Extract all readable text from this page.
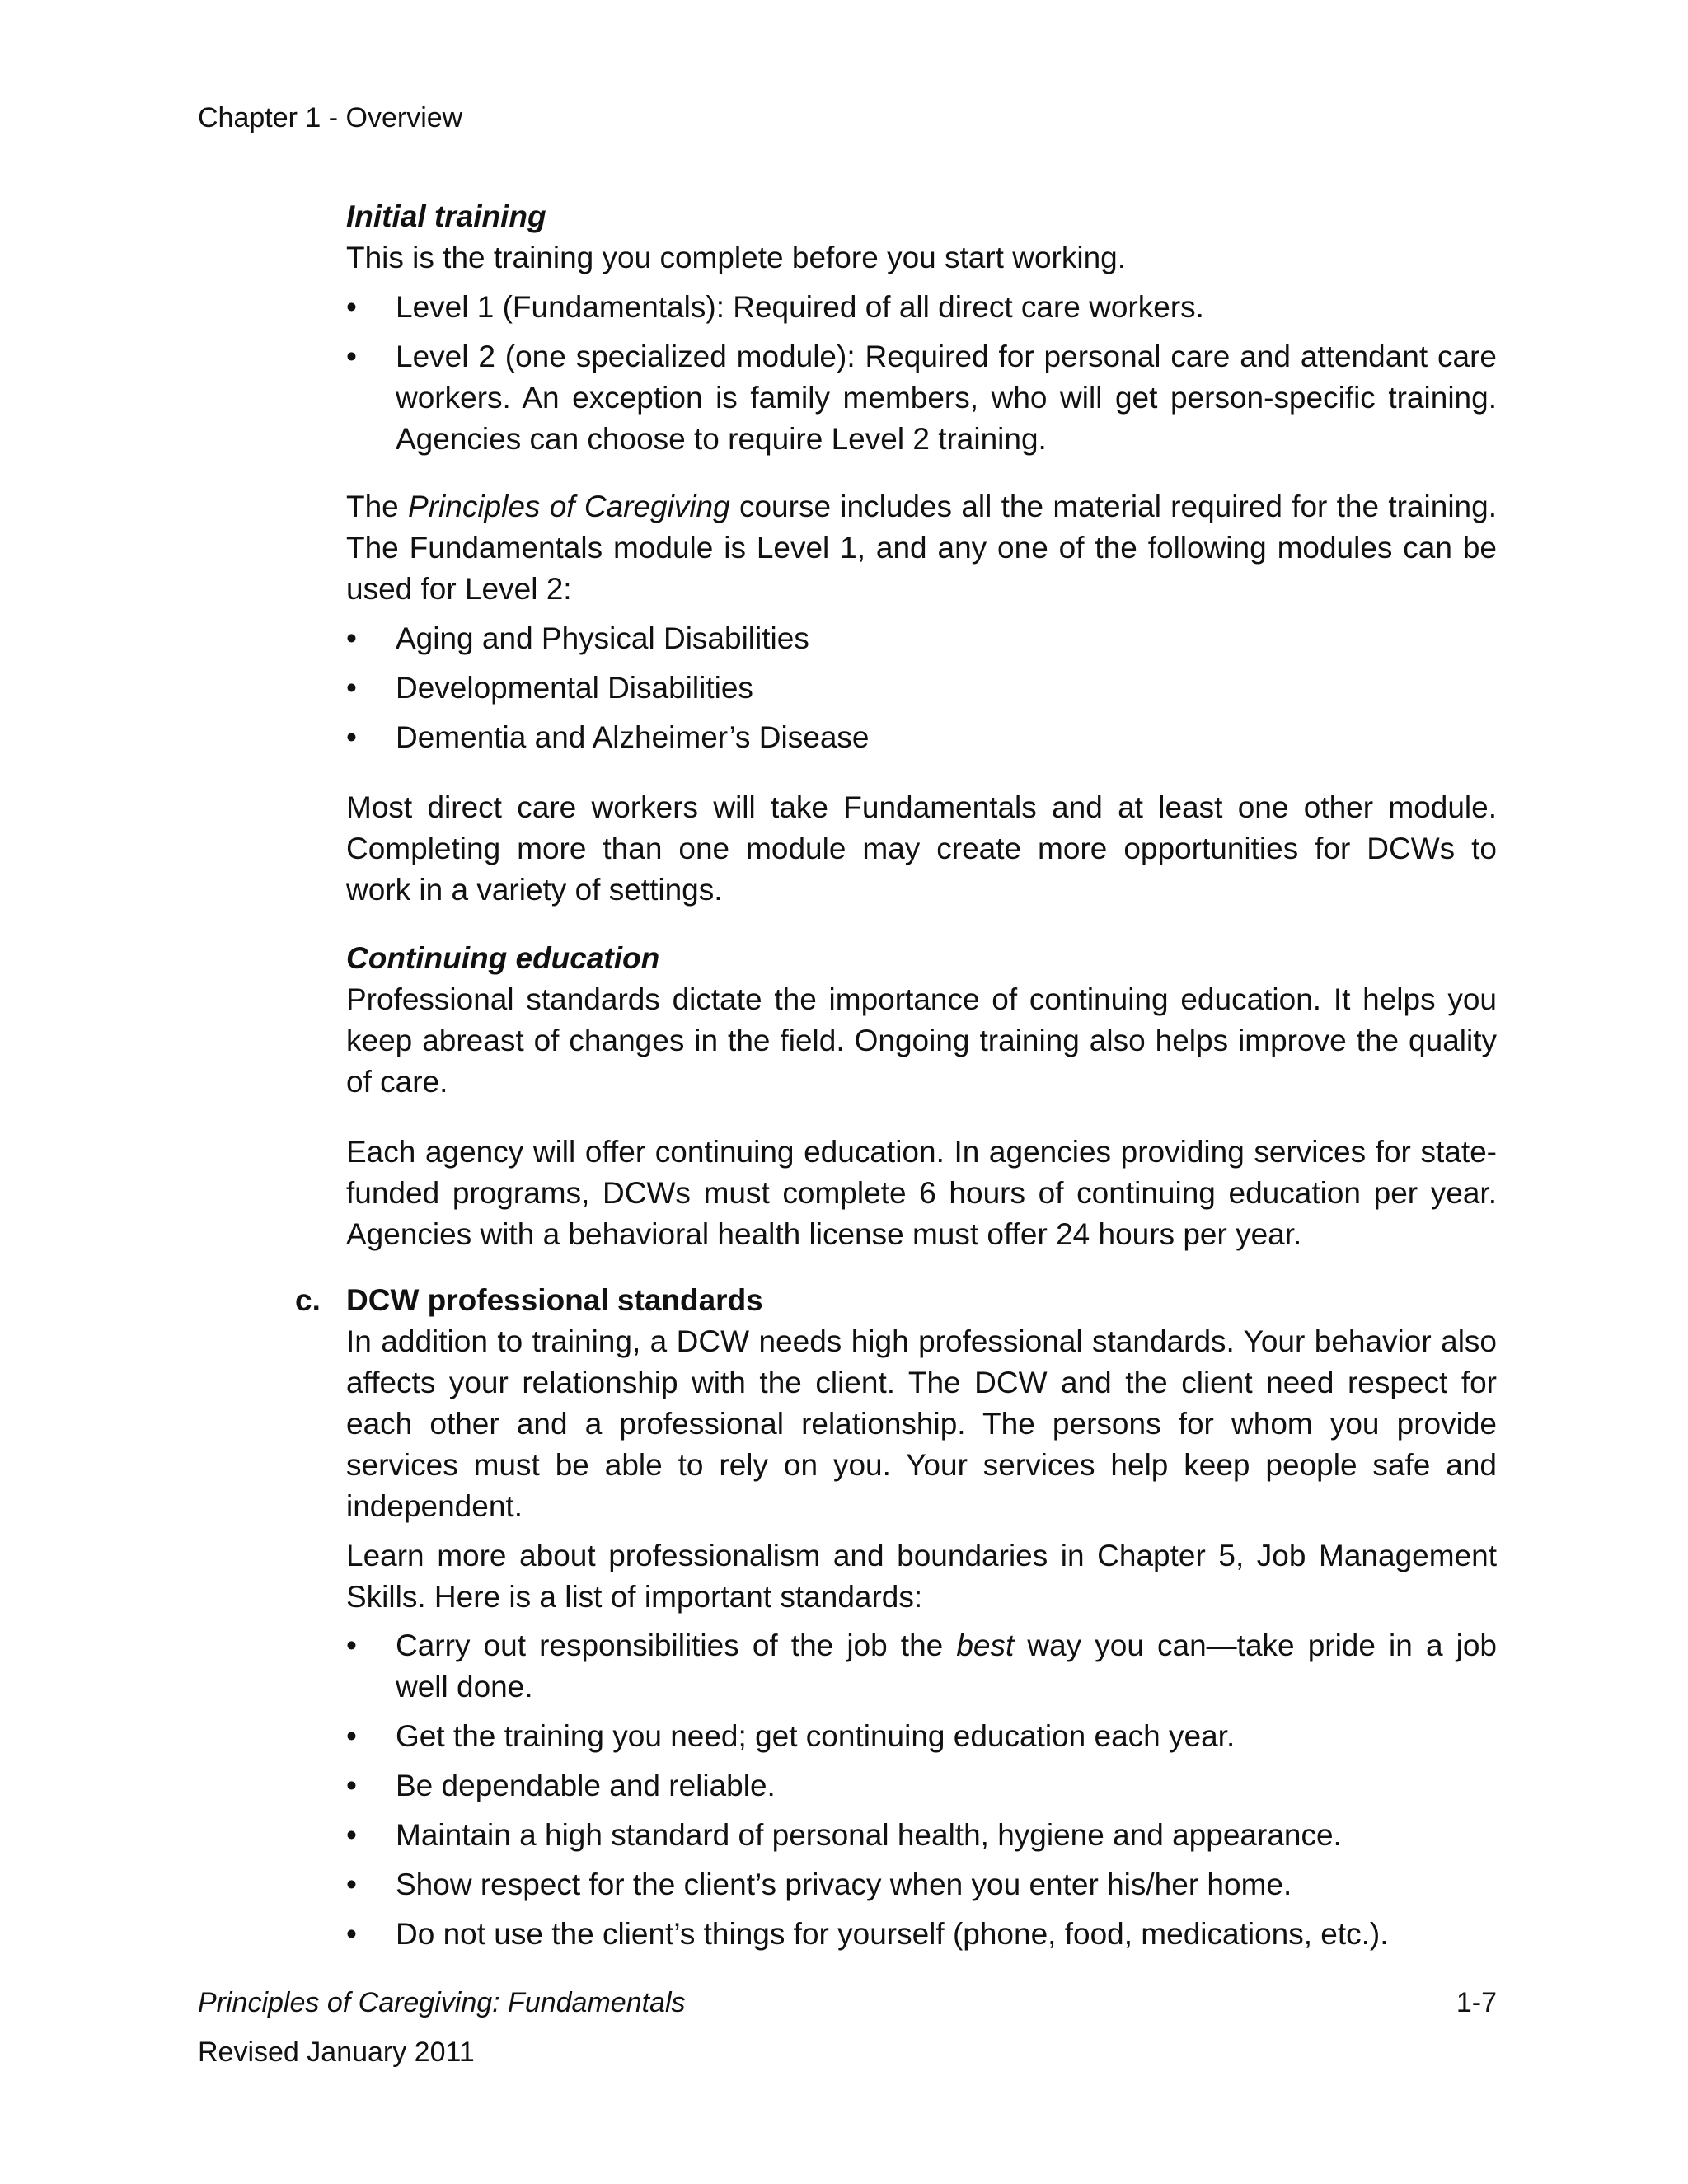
Chapter 1 - Overview
Initial training
This is the training you complete before you start working.
•	Level 1 (Fundamentals): Required of all direct care workers.
•	Level 2 (one specialized module): Required for personal care and attendant care
workers. An exception is family members, who will get person-specific training.
Agencies can choose to require Level 2 training.
The Principles of Caregiving course includes all the material required for the training.
The Fundamentals module is Level 1, and any one of the following modules can be
used for Level 2:
•	Aging and Physical Disabilities
•	Developmental Disabilities
•	Dementia and Alzheimer’s Disease
Most direct care workers will take Fundamentals and at least one other module.
Completing more than one module may create more opportunities for DCWs to
work in a variety of settings.
Continuing education
Professional standards dictate the importance of continuing education. It helps you
keep abreast of changes in the field. Ongoing training also helps improve the quality
of care.
Each agency will offer continuing education. In agencies providing services for state-
funded programs, DCWs must complete 6 hours of continuing education per year.
Agencies with a behavioral health license must offer 24 hours per year.
c. DCW professional standards
In addition to training, a DCW needs high professional standards. Your behavior also
affects your relationship with the client. The DCW and the client need respect for
each other and a professional relationship. The persons for whom you provide
services must be able to rely on you. Your services help keep people safe and
independent.
Learn more about professionalism and boundaries in Chapter 5, Job Management
Skills. Here is a list of important standards:
•	Carry out responsibilities of the job the best way you can—take pride in a job
well done.
•	Get the training you need; get continuing education each year.
•	Be dependable and reliable.
•	Maintain a high standard of personal health, hygiene and appearance.
•	Show respect for the client’s privacy when you enter his/her home.
•	Do not use the client’s things for yourself (phone, food, medications, etc.).
Principles of Caregiving: Fundamentals
Revised January 2011
1-7
